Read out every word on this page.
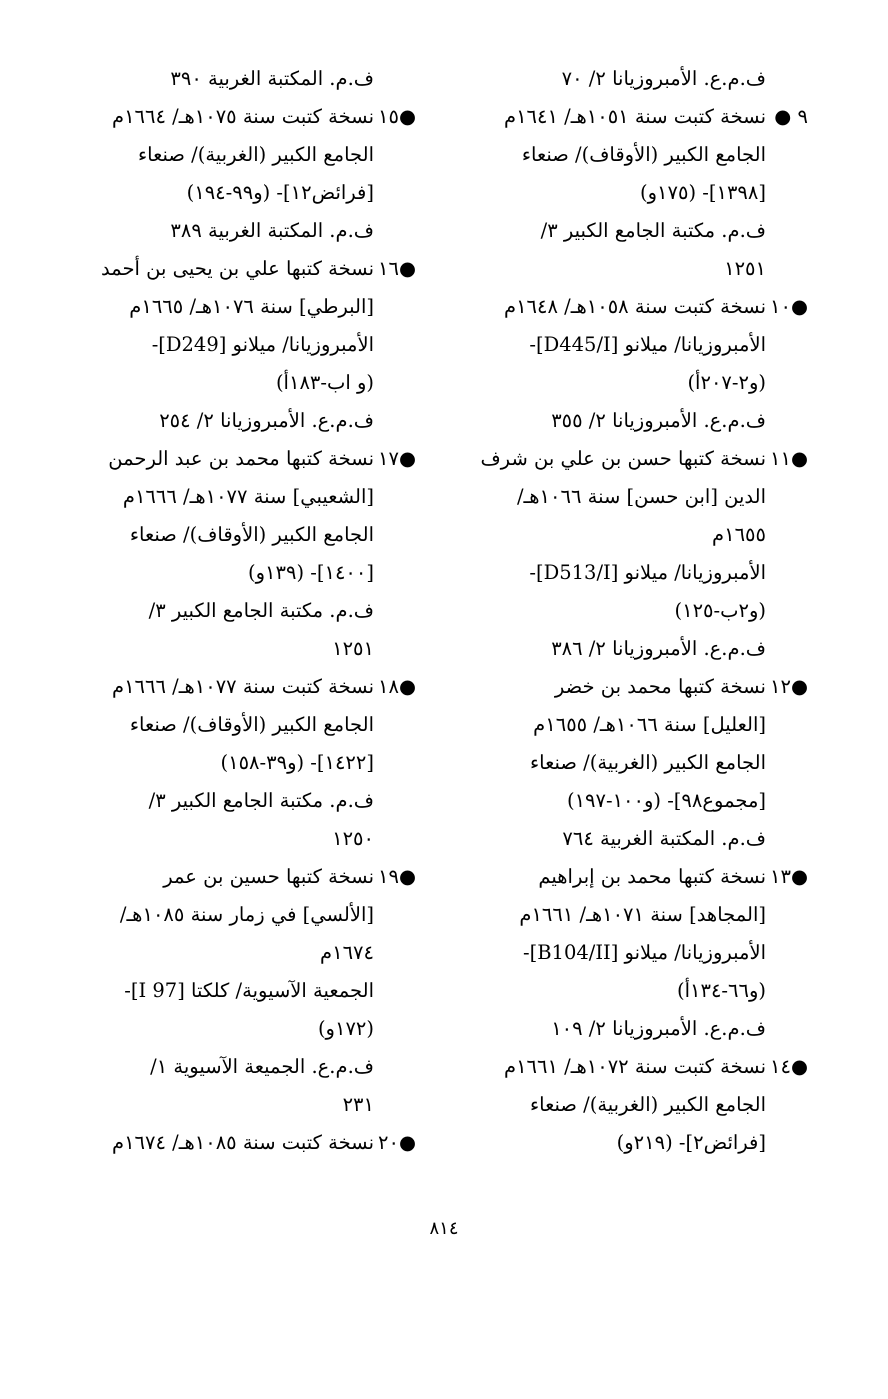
ف.م.ع. الأمبروزيانا ٢/ ٧٠
٩ ●نسخة كتبت سنة ١٠٥١هـ/ ١٦٤١م
الجامع الكبير (الأوقاف)/ صنعاء
[١٣٩٨]- (١٧٥و)
ف.م. مكتبة الجامع الكبير ٣/
١٢٥١
●١٠نسخة كتبت سنة ١٠٥٨هـ/ ١٦٤٨م
الأمبروزيانا/ ميلانو [D445/I]-
(و٢-٢٠٧أ)
ف.م.ع. الأمبروزيانا ٢/ ٣٥٥
●١١نسخة كتبها حسن بن علي بن شرف
الدين [ابن حسن] سنة ١٠٦٦هـ/
١٦٥٥م
الأمبروزيانا/ ميلانو [D513/I]-
(و٢ب-١٢٥)
ف.م.ع. الأمبروزيانا ٢/ ٣٨٦
●١٢نسخة كتبها محمد بن خضر
[العليل] سنة ١٠٦٦هـ/ ١٦٥٥م
الجامع الكبير (الغربية)/ صنعاء
[مجموع٩٨]- (و١٠٠-١٩٧)
ف.م. المكتبة الغربية ٧٦٤
●١٣نسخة كتبها محمد بن إبراهيم
[المجاهد] سنة ١٠٧١هـ/ ١٦٦١م
الأمبروزيانا/ ميلانو [B104/II]-
(و٦٦-١٣٤أ)
ف.م.ع. الأمبروزيانا ٢/ ١٠٩
●١٤نسخة كتبت سنة ١٠٧٢هـ/ ١٦٦١م
الجامع الكبير (الغربية)/ صنعاء
[فرائض٢]- (٢١٩و)
ف.م. المكتبة الغربية ٣٩٠
●١٥نسخة كتبت سنة ١٠٧٥هـ/ ١٦٦٤م
الجامع الكبير (الغربية)/ صنعاء
[فرائض١٢]- (و٩٩-١٩٤)
ف.م. المكتبة الغربية ٣٨٩
●١٦نسخة كتبها علي بن يحيى بن أحمد
[البرطي] سنة ١٠٧٦هـ/ ١٦٦٥م
الأمبروزيانا/ ميلانو [D249]-
(و اب-١٨٣أ)
ف.م.ع. الأمبروزيانا ٢/ ٢٥٤
●١٧نسخة كتبها محمد بن عبد الرحمن
[الشعيبي] سنة ١٠٧٧هـ/ ١٦٦٦م
الجامع الكبير (الأوقاف)/ صنعاء
[١٤٠٠]- (١٣٩و)
ف.م. مكتبة الجامع الكبير ٣/
١٢٥١
●١٨نسخة كتبت سنة ١٠٧٧هـ/ ١٦٦٦م
الجامع الكبير (الأوقاف)/ صنعاء
[١٤٢٢]- (و٣٩-١٥٨)
ف.م. مكتبة الجامع الكبير ٣/
١٢٥٠
●١٩نسخة كتبها حسين بن عمر
[الألسي] في زمار سنة ١٠٨٥هـ/
١٦٧٤م
الجمعية الآسيوية/ كلكتا [97 I]-
(١٧٢و)
ف.م.ع. الجميعة الآسيوية ١/
٢٣١
●٢٠نسخة كتبت سنة ١٠٨٥هـ/ ١٦٧٤م
٨١٤
